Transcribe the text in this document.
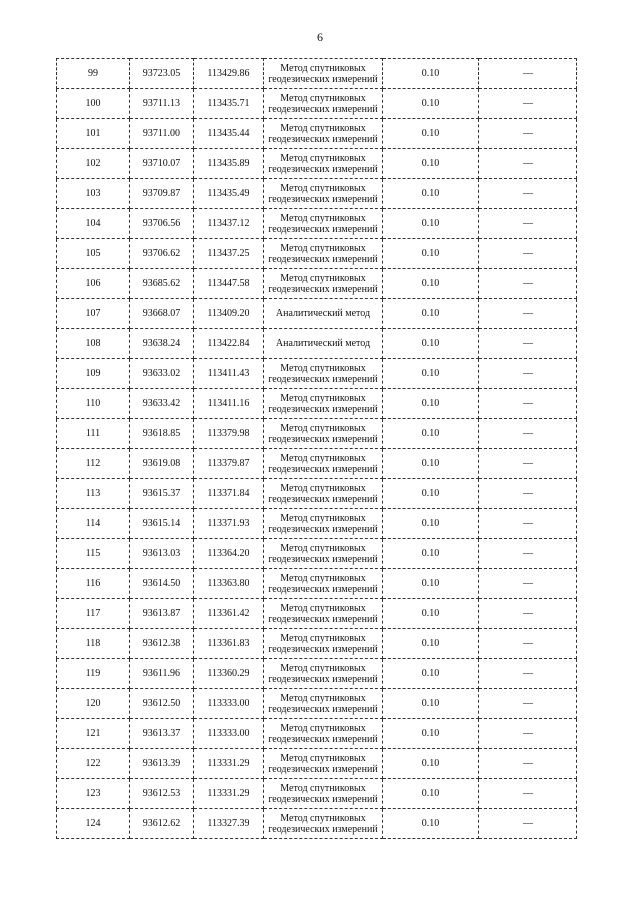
6
99	93723.05	113429.86	Метод спутниковых геодезических измерений	0.10	—
100	93711.13	113435.71	Метод спутниковых геодезических измерений	0.10	—
101	93711.00	113435.44	Метод спутниковых геодезических измерений	0.10	—
102	93710.07	113435.89	Метод спутниковых геодезических измерений	0.10	—
103	93709.87	113435.49	Метод спутниковых геодезических измерений	0.10	—
104	93706.56	113437.12	Метод спутниковых геодезических измерений	0.10	—
105	93706.62	113437.25	Метод спутниковых геодезических измерений	0.10	—
106	93685.62	113447.58	Метод спутниковых геодезических измерений	0.10	—
107	93668.07	113409.20	Аналитический метод	0.10	—
108	93638.24	113422.84	Аналитический метод	0.10	—
109	93633.02	113411.43	Метод спутниковых геодезических измерений	0.10	—
110	93633.42	113411.16	Метод спутниковых геодезических измерений	0.10	—
111	93618.85	113379.98	Метод спутниковых геодезических измерений	0.10	—
112	93619.08	113379.87	Метод спутниковых геодезических измерений	0.10	—
113	93615.37	113371.84	Метод спутниковых геодезических измерений	0.10	—
114	93615.14	113371.93	Метод спутниковых геодезических измерений	0.10	—
115	93613.03	113364.20	Метод спутниковых геодезических измерений	0.10	—
116	93614.50	113363.80	Метод спутниковых геодезических измерений	0.10	—
117	93613.87	113361.42	Метод спутниковых геодезических измерений	0.10	—
118	93612.38	113361.83	Метод спутниковых геодезических измерений	0.10	—
119	93611.96	113360.29	Метод спутниковых геодезических измерений	0.10	—
120	93612.50	113333.00	Метод спутниковых геодезических измерений	0.10	—
121	93613.37	113333.00	Метод спутниковых геодезических измерений	0.10	—
122	93613.39	113331.29	Метод спутниковых геодезических измерений	0.10	—
123	93612.53	113331.29	Метод спутниковых геодезических измерений	0.10	—
124	93612.62	113327.39	Метод спутниковых геодезических измерений	0.10	—
